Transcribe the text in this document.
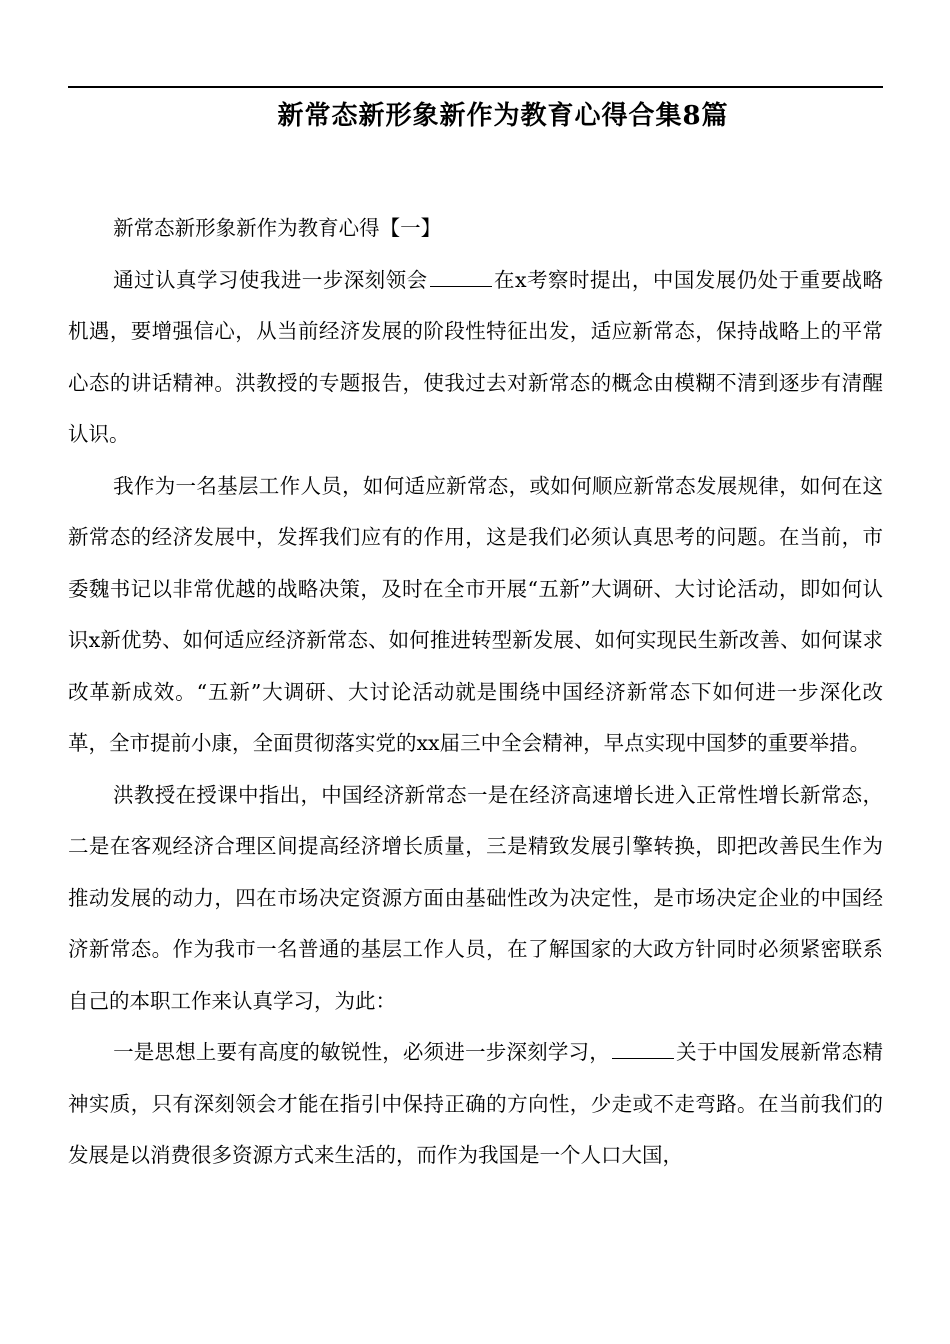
新常态新形象新作为教育心得合集8篇

新常态新形象新作为教育心得【一】

通过认真学习使我进一步深刻领会	在x考察时提出，中国发展仍处于重要战略机遇，要增强信心，从当前经济发展的阶段性特征出发，适应新常态，保持战略上的平常心态的讲话精神。洪教授的专题报告，使我过去对新常态的概念由模糊不清到逐步有清醒认识。

我作为一名基层工作人员，如何适应新常态，或如何顺应新常态发展规律，如何在这新常态的经济发展中，发挥我们应有的作用，这是我们必须认真思考的问题。在当前，市委魏书记以非常优越的战略决策，及时在全市开展“五新”大调研、大讨论活动，即如何认识x新优势、如何适应经济新常态、如何推进转型新发展、如何实现民生新改善、如何谋求改革新成效。“五新”大调研、大讨论活动就是围绕中国经济新常态下如何进一步深化改革，全市提前小康，全面贯彻落实党的xx届三中全会精神，早点实现中国梦的重要举措。

洪教授在授课中指出，中国经济新常态一是在经济高速增长进入正常性增长新常态，二是在客观经济合理区间提高经济增长质量，三是精致发展引擎转换，即把改善民生作为推动发展的动力，四在市场决定资源方面由基础性改为决定性，是市场决定企业的中国经济新常态。作为我市一名普通的基层工作人员，在了解国家的大政方针同时必须紧密联系自己的本职工作来认真学习，为此：

一是思想上要有高度的敏锐性，必须进一步深刻学习，	关于中国发展新常态精神实质，只有深刻领会才能在指引中保持正确的方向性，少走或不走弯路。在当前我们的发展是以消费很多资源方式来生活的，而作为我国是一个人口大国，
